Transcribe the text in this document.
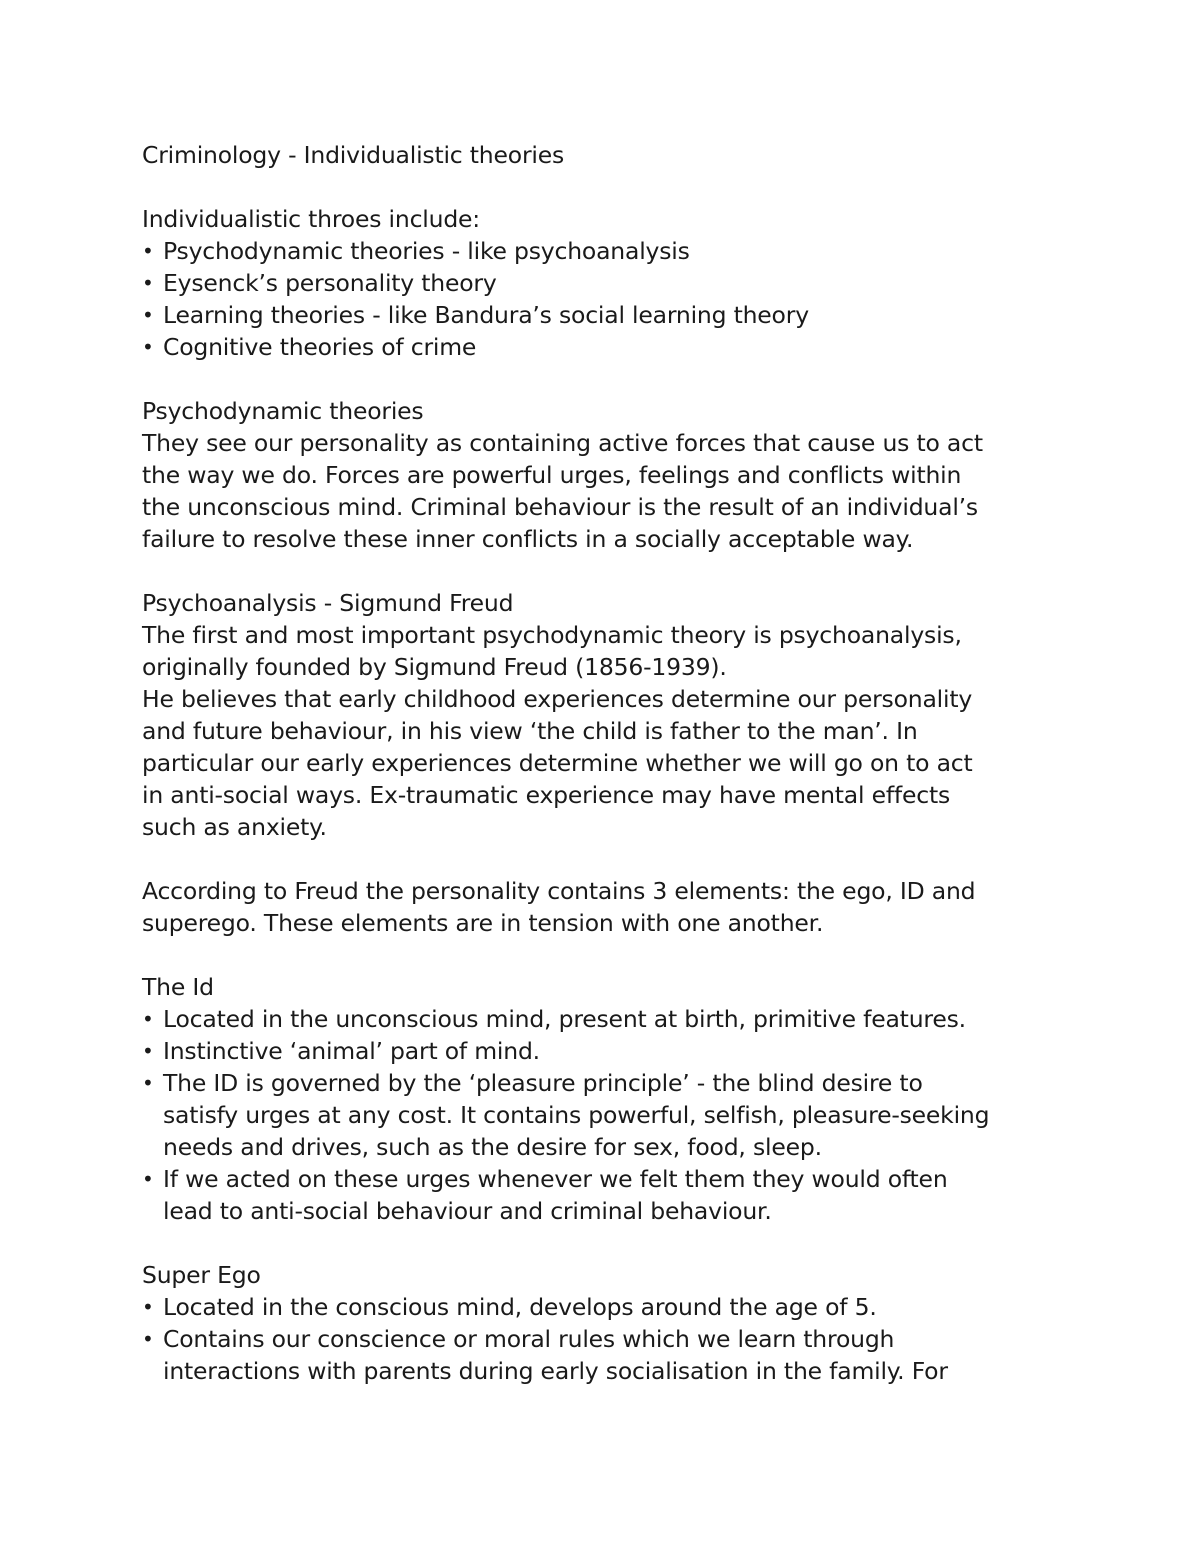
Criminology - Individualistic theories
Individualistic throes include:
• Psychodynamic theories - like psychoanalysis
• Eysenck’s personality theory
• Learning theories - like Bandura’s social learning theory
• Cognitive theories of crime
Psychodynamic theories
They see our personality as containing active forces that cause us to act
the way we do. Forces are powerful urges, feelings and conflicts within
the unconscious mind. Criminal behaviour is the result of an individual’s
failure to resolve these inner conflicts in a socially acceptable way.
Psychoanalysis - Sigmund Freud
The first and most important psychodynamic theory is psychoanalysis,
originally founded by Sigmund Freud (1856-1939).
He believes that early childhood experiences determine our personality
and future behaviour, in his view ‘the child is father to the man’. In
particular our early experiences determine whether we will go on to act
in anti-social ways. Ex-traumatic experience may have mental effects
such as anxiety.
According to Freud the personality contains 3 elements: the ego, ID and
superego. These elements are in tension with one another.
The Id
• Located in the unconscious mind, present at birth, primitive features.
• Instinctive ‘animal’ part of mind.
• The ID is governed by the ‘pleasure principle’ - the blind desire to
satisfy urges at any cost. It contains powerful, selfish, pleasure-seeking
needs and drives, such as the desire for sex, food, sleep.
• If we acted on these urges whenever we felt them they would often
lead to anti-social behaviour and criminal behaviour.
Super Ego
• Located in the conscious mind, develops around the age of 5.
• Contains our conscience or moral rules which we learn through
interactions with parents during early socialisation in the family. For
